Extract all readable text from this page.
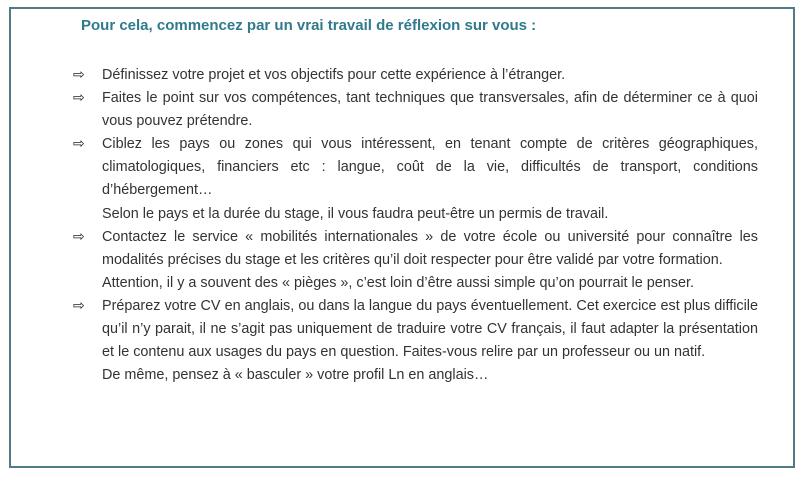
Pour cela, commencez par un vrai travail de réflexion sur vous :
⇨	Définissez votre projet et vos objectifs pour cette expérience à l’étranger.
⇨	Faites le point sur vos compétences, tant techniques que transversales, afin de déterminer ce à quoi vous pouvez prétendre.
⇨	Ciblez les pays ou zones qui vous intéressent, en tenant compte de critères géographiques, climatologiques, financiers etc : langue, coût de la vie, difficultés de transport, conditions d’hébergement…
Selon le pays et la durée du stage, il vous faudra peut-être un permis de travail.
⇨	Contactez le service « mobilités internationales » de votre école ou université pour connaître les modalités précises du stage et les critères qu’il doit respecter pour être validé par votre formation.
Attention, il y a souvent des « pièges », c’est loin d’être aussi simple qu’on pourrait le penser.
⇨	Préparez votre CV en anglais, ou dans la langue du pays éventuellement. Cet exercice est plus difficile qu’il n’y parait, il ne s’agit pas uniquement de traduire votre CV français, il faut adapter la présentation et le contenu aux usages du pays en question. Faites-vous relire par un professeur ou un natif.
De même, pensez à « basculer » votre profil Ln en anglais…
